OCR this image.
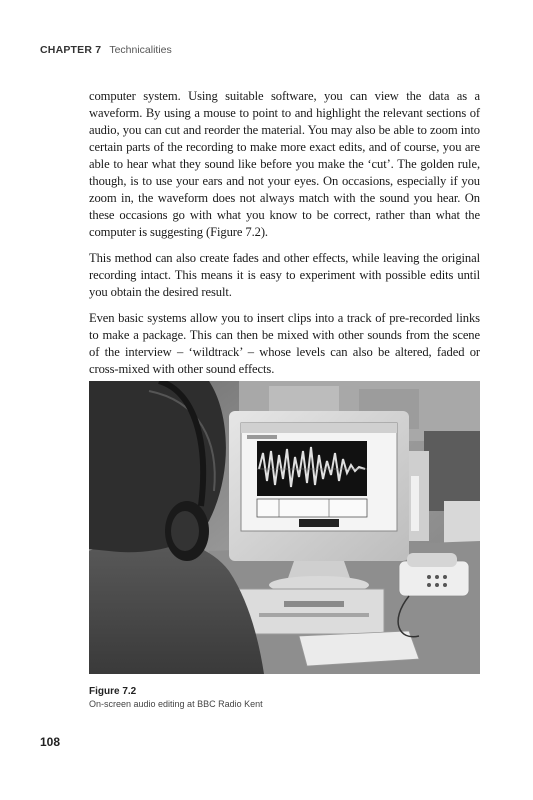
CHAPTER 7 Technicalities

computer system. Using suitable software, you can view the data as a waveform. By using a mouse to point to and highlight the relevant sections of audio, you can cut and reorder the material. You may also be able to zoom into certain parts of the recording to make more exact edits, and of course, you are able to hear what they sound like before you make the ‘cut’. The golden rule, though, is to use your ears and not your eyes. On occasions, especially if you zoom in, the waveform does not always match with the sound you hear. On these occasions go with what you know to be correct, rather than what the computer is suggesting (Figure 7.2).

This method can also create fades and other effects, while leaving the original recording intact. This means it is easy to experiment with possible edits until you obtain the desired result.

Even basic systems allow you to insert clips into a track of pre-recorded links to make a package. This can then be mixed with other sounds from the scene of the interview – ‘wildtrack’ – whose levels can also be altered, faded or cross-mixed with other sound effects.

Figure 7.2
On-screen audio editing at BBC Radio Kent
108
